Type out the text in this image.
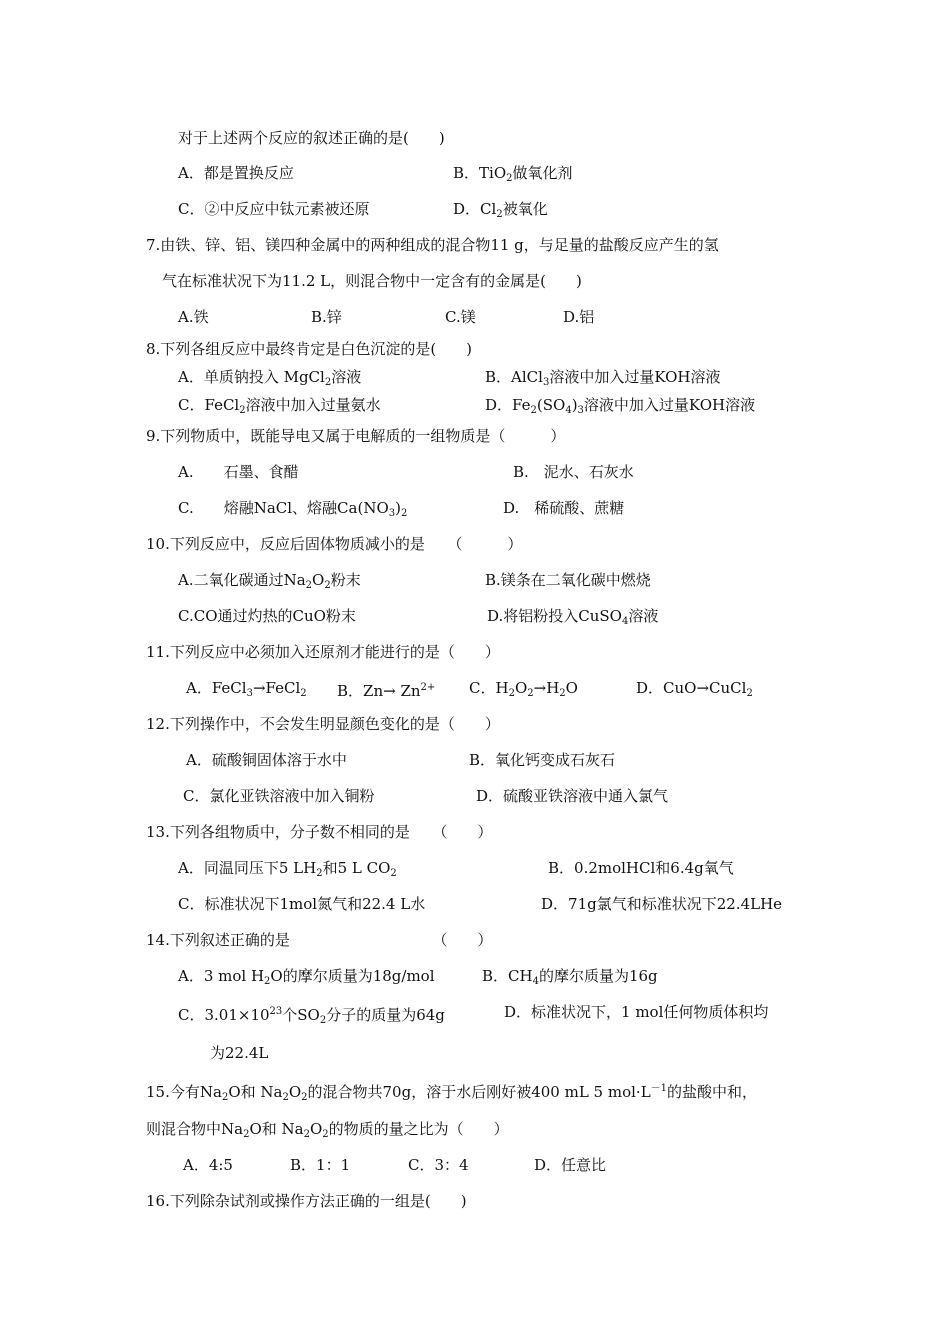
对于上述两个反应的叙述正确的是(　　)
A．都是置换反应	B．TiO$_2$做氧化剂
C．②中反应中钛元素被还原	D．$Cl_2$被氧化
7.由铁、锌、铝、镁四种金属中的两种组成的混合物11 g，与足量的盐酸反应产生的氢
气在标准状况下为11.2 L，则混合物中一定含有的金属是(　　)
A.铁	B.锌	C.镁	D.铝
8.下列各组反应中最终肯定是白色沉淀的是(　　)
A．单质钠投入 MgCl$_2$溶液	B．AlCl$_3$溶液中加入过量KOH溶液
C．FeCl$_2$溶液中加入过量氨水	D．$Fe_2(SO_4)_3$溶液中加入过量KOH溶液
9.下列物质中，既能导电又属于电解质的一组物质是（　　　）
A.　　石墨、食醋	B.　泥水、石灰水
C.　　熔融NaCl、熔融$Ca(NO_3)_2$	D.　稀硫酸、蔗糖
10.下列反应中，反应后固体物质减小的是　　（　　　）
A.二氧化碳通过$Na_2O_2$粉末	B.镁条在二氧化碳中燃烧
C.CO通过灼热的CuO粉末	D.将铝粉投入CuSO$_4$溶液
11.下列反应中必须加入还原剂才能进行的是（　　）
A．FeCl$_3$→FeCl$_2$ B．$Zn\to Zn^{2+}$ C．$H_2O_2\to H_2O$	D．CuO→CuCl$_2$
12.下列操作中，不会发生明显颜色变化的是（　　）
A．硫酸铜固体溶于水中	B．氧化钙变成石灰石
C．氯化亚铁溶液中加入铜粉	D．硫酸亚铁溶液中通入氯气
13.下列各组物质中，分子数不相同的是　　（　　）
A．同温同压下5 $LH_2$和5 L $CO_2$	B．0.2molHCl和6.4g氧气
C．标准状况下1mol氮气和22.4 L水	D．71g氯气和标准状况下22.4LHe
14.下列叙述正确的是　　　　　　　　　　（　　）
A．3 mol $H_2O$的摩尔质量为18g/mol	B．$CH_4$的摩尔质量为16g
C．$3.01\times 10^{23}$个$SO_2$分子的质量为64g	D．标准状况下，1 mol任何物质体积均
为22.4L
15.今有$Na_2O$和 $Na_2O_2$的混合物共70g，溶于水后刚好被400 mL 5 $mol\cdot L^{-1}$的盐酸中和，
则混合物中$Na_2O$和 $Na_2O_2$的物质的量之比为（　　）
A．4:5	B．1：1	C．3：4	D．任意比
16.下列除杂试剂或操作方法正确的一组是(　　)
